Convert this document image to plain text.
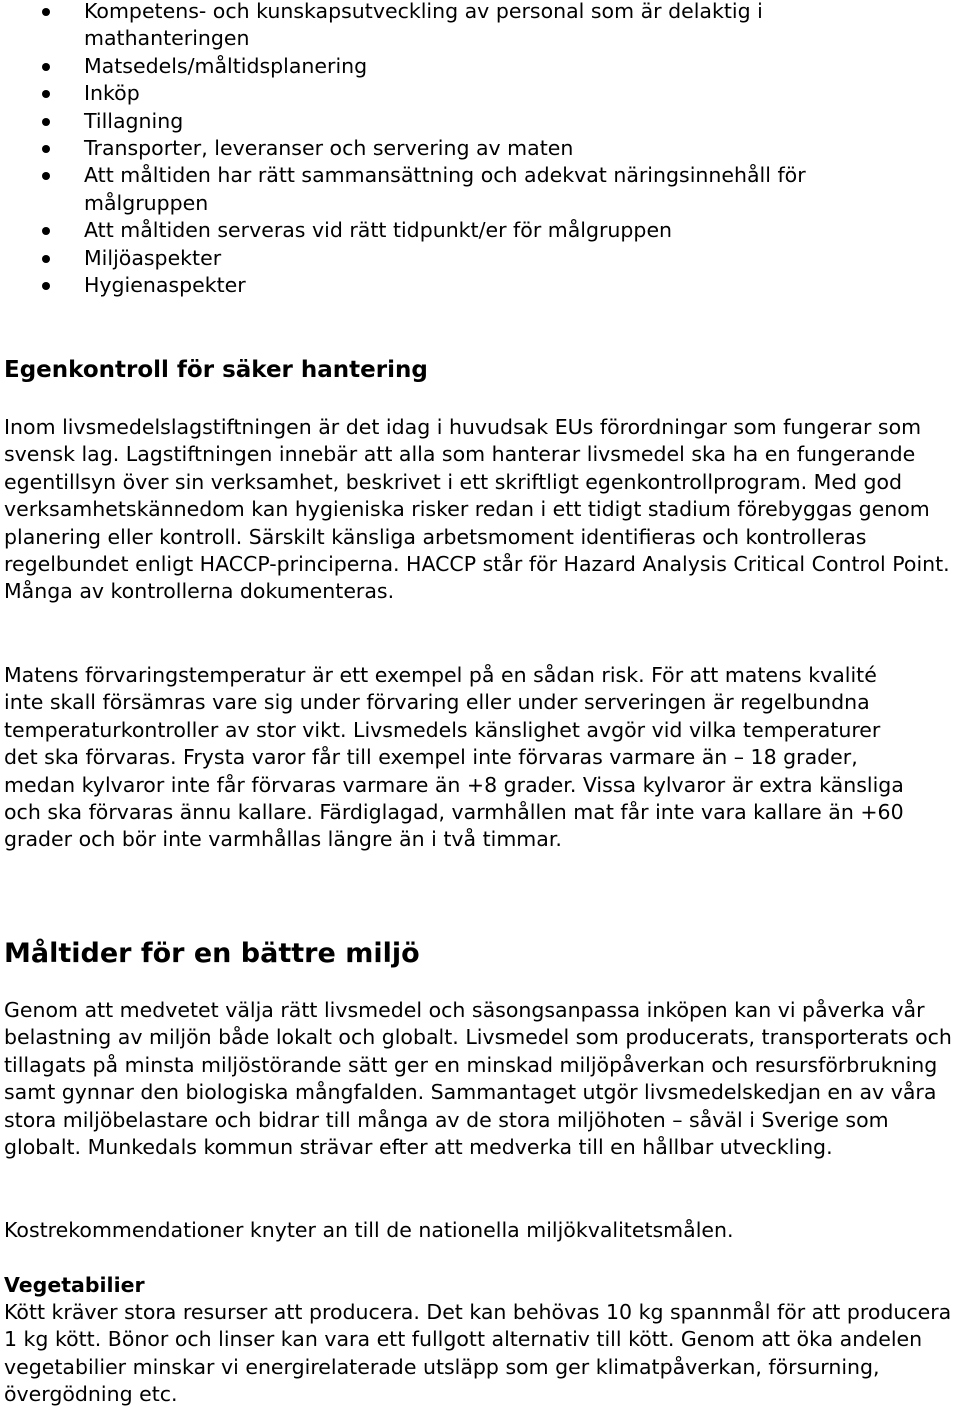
Kompetens- och kunskapsutveckling av personal som är delaktig i mathanteringen
Matsedels/måltidsplanering
Inköp
Tillagning
Transporter, leveranser och servering av maten
Att måltiden har rätt sammansättning och adekvat näringsinnehåll för målgruppen
Att måltiden serveras vid rätt tidpunkt/er för målgruppen
Miljöaspekter
Hygienaspekter
Egenkontroll för säker hantering

Inom livsmedelslagstiftningen är det idag i huvudsak EUs förordningar som fungerar som svensk lag. Lagstiftningen innebär att alla som hanterar livsmedel ska ha en fungerande egentillsyn över sin verksamhet, beskrivet i ett skriftligt egenkontrollprogram. Med god verksamhetskännedom kan hygieniska risker redan i ett tidigt stadium förebyggas genom planering eller kontroll. Särskilt känsliga arbetsmoment identifieras och kontrolleras regelbundet enligt HACCP-principerna. HACCP står för Hazard Analysis Critical Control Point. Många av kontrollerna dokumenteras.

Matens förvaringstemperatur är ett exempel på en sådan risk. För att matens kvalité inte skall försämras vare sig under förvaring eller under serveringen är regelbundna temperaturkontroller av stor vikt. Livsmedels känslighet avgör vid vilka temperaturer det ska förvaras. Frysta varor får till exempel inte förvaras varmare än – 18 grader, medan kylvaror inte får förvaras varmare än +8 grader. Vissa kylvaror är extra känsliga och ska förvaras ännu kallare. Färdiglagad, varmhållen mat får inte vara kallare än +60 grader och bör inte varmhållas längre än i två timmar.

Måltider för en bättre miljö

Genom att medvetet välja rätt livsmedel och säsongsanpassa inköpen kan vi påverka vår belastning av miljön både lokalt och globalt. Livsmedel som producerats, transporterats och tillagats på minsta miljöstörande sätt ger en minskad miljöpåverkan och resursförbrukning samt gynnar den biologiska mångfalden. Sammantaget utgör livsmedelskedjan en av våra stora miljöbelastare och bidrar till många av de stora miljöhoten – såväl i Sverige som globalt. Munkedals kommun strävar efter att medverka till en hållbar utveckling.

Kostrekommendationer knyter an till de nationella miljökvalitetsmålen.

Vegetabilier

Kött kräver stora resurser att producera. Det kan behövas 10 kg spannmål för att producera 1 kg kött. Bönor och linser kan vara ett fullgott alternativ till kött. Genom att öka andelen vegetabilier minskar vi energirelaterade utsläpp som ger klimatpåverkan, försurning, övergödning etc.
